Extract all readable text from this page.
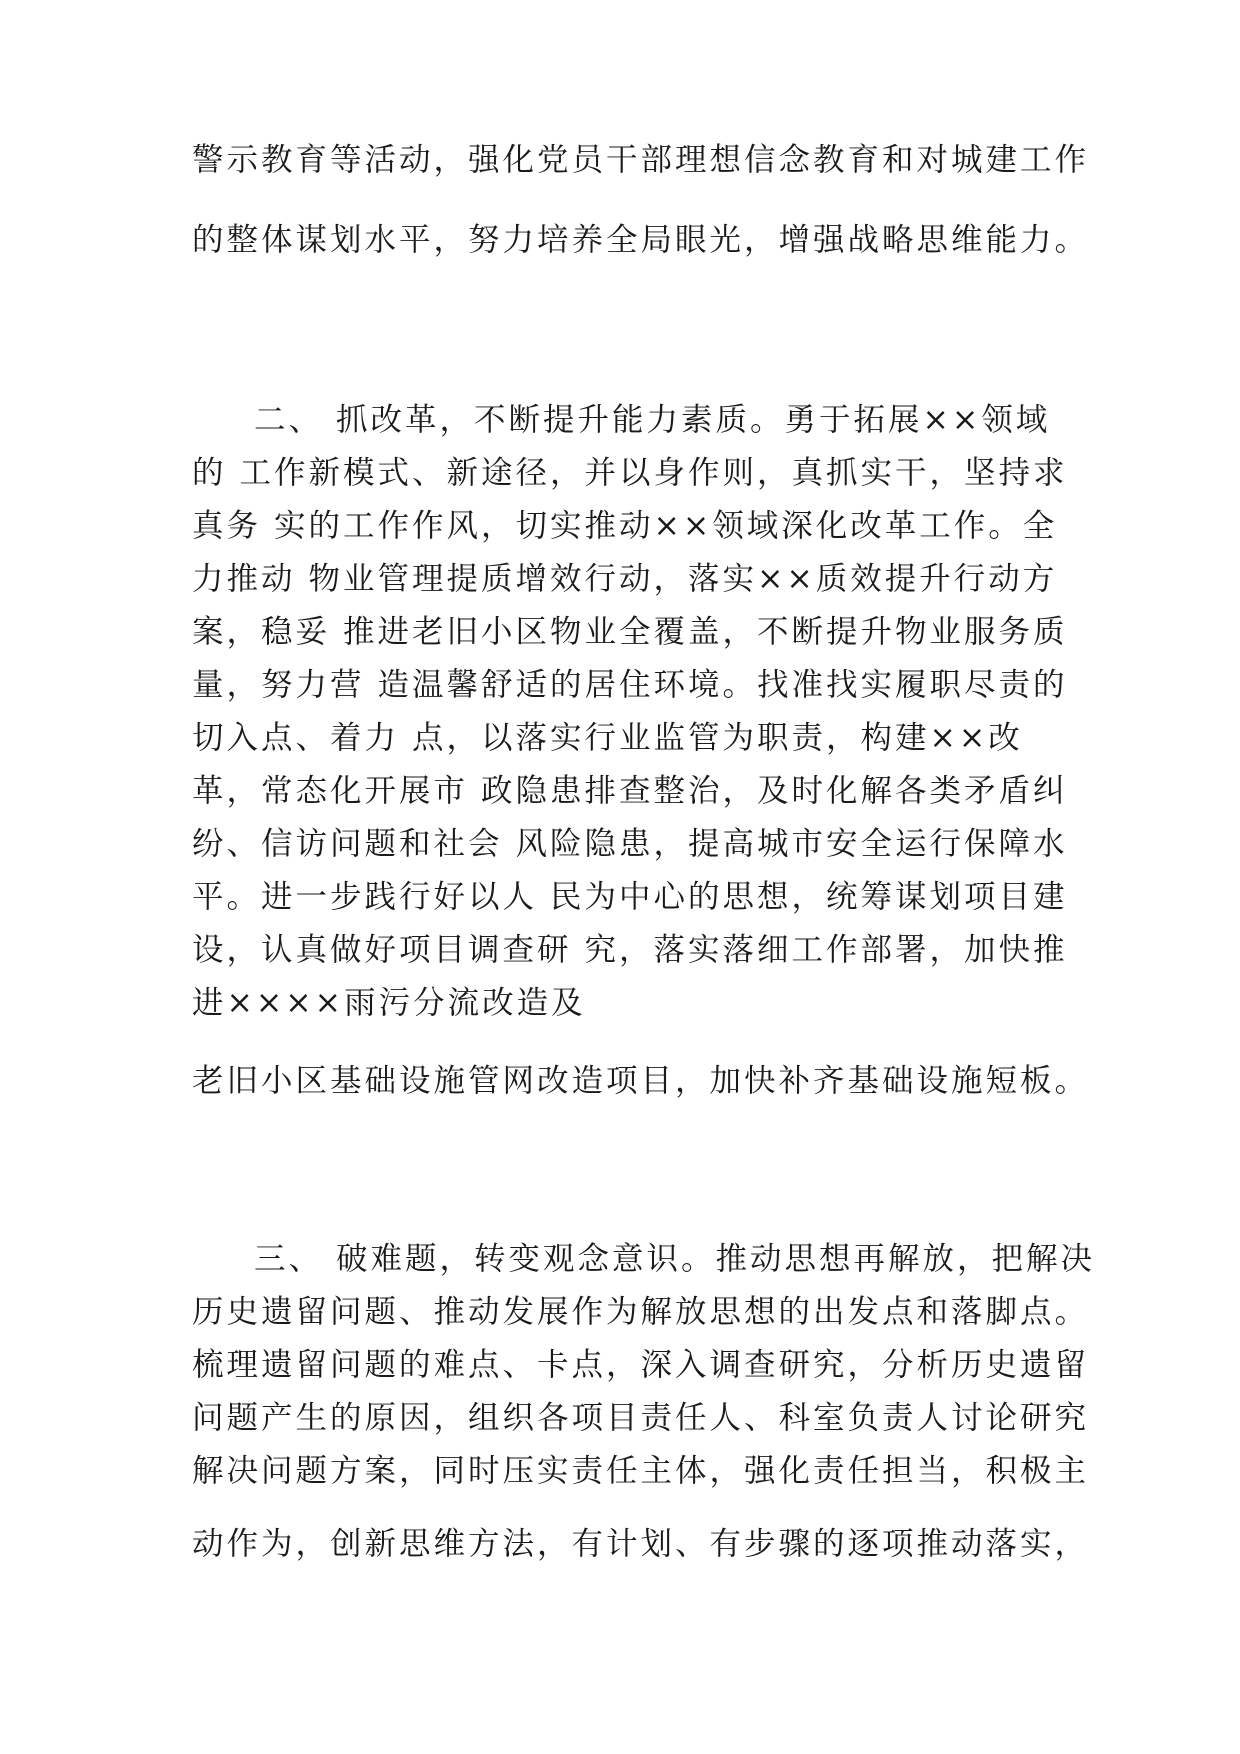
警示教育等活动，强化党员干部理想信念教育和对城建工作
的整体谋划水平，努力培养全局眼光，增强战略思维能力。
二、 抓改革，不断提升能力素质。勇于拓展××领域
的 工作新模式、新途径，并以身作则，真抓实干，坚持求
真务 实的工作作风，切实推动××领域深化改革工作。全
力推动 物业管理提质增效行动，落实××质效提升行动方
案，稳妥 推进老旧小区物业全覆盖，不断提升物业服务质
量，努力营 造温馨舒适的居住环境。找准找实履职尽责的
切入点、着力 点，以落实行业监管为职责，构建××改
革，常态化开展市 政隐患排查整治，及时化解各类矛盾纠
纷、信访问题和社会 风险隐患，提高城市安全运行保障水
平。进一步践行好以人 民为中心的思想，统筹谋划项目建
设，认真做好项目调查研 究，落实落细工作部署，加快推
进××××雨污分流改造及
老旧小区基础设施管网改造项目，加快补齐基础设施短板。
三、 破难题，转变观念意识。推动思想再解放，把解决
历史遗留问题、推动发展作为解放思想的出发点和落脚点。
梳理遗留问题的难点、卡点，深入调查研究，分析历史遗留
问题产生的原因，组织各项目责任人、科室负责人讨论研究
解决问题方案，同时压实责任主体，强化责任担当，积极主
动作为，创新思维方法，有计划、有步骤的逐项推动落实，
